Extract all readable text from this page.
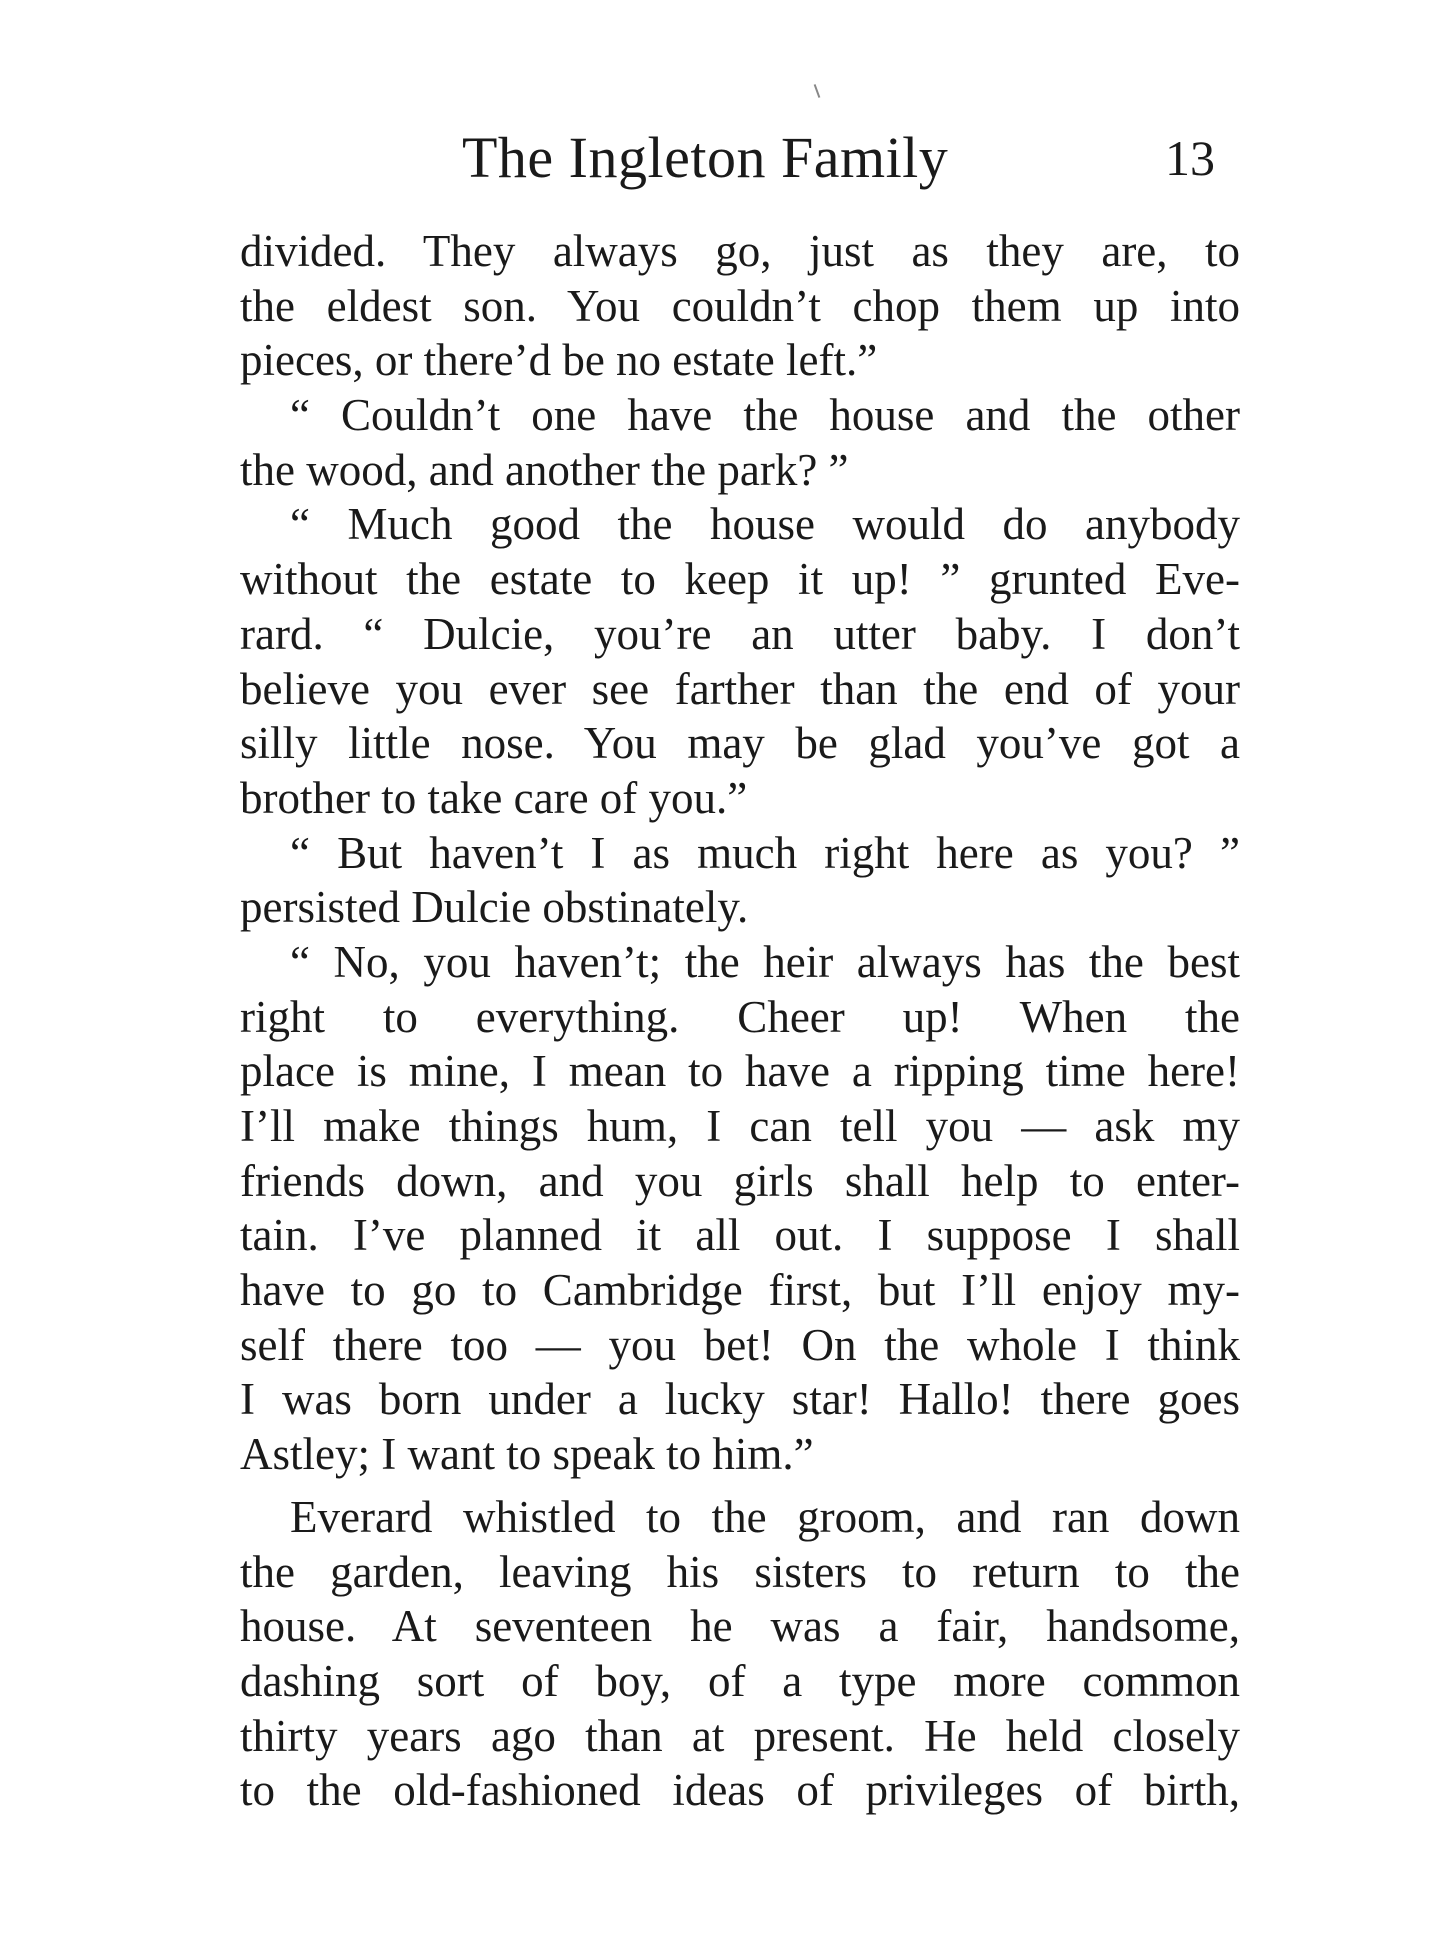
The Ingleton Family	13
divided. They always go, just as they are, to
the eldest son. You couldn’t chop them up into
pieces, or there’d be no estate left.”
“ Couldn’t one have the house and the other
the wood, and another the park? ”
“ Much good the house would do anybody
without the estate to keep it up! ” grunted Eve-
rard. “ Dulcie, you’re an utter baby. I don’t
believe you ever see farther than the end of your
silly little nose. You may be glad you’ve got a
brother to take care of you.”
“ But haven’t I as much right here as you? ”
persisted Dulcie obstinately.
“ No, you haven’t; the heir always has the best
right to everything. Cheer up! When the
place is mine, I mean to have a ripping time here!
I’ll make things hum, I can tell you — ask my
friends down, and you girls shall help to enter-
tain. I’ve planned it all out. I suppose I shall
have to go to Cambridge first, but I’ll enjoy my-
self there too — you bet! On the whole I think
I was born under a lucky star! Hallo! there goes
Astley; I want to speak to him.”
Everard whistled to the groom, and ran down
the garden, leaving his sisters to return to the
house. At seventeen he was a fair, handsome,
dashing sort of boy, of a type more common
thirty years ago than at present. He held closely
to the old-fashioned ideas of privileges of birth,
